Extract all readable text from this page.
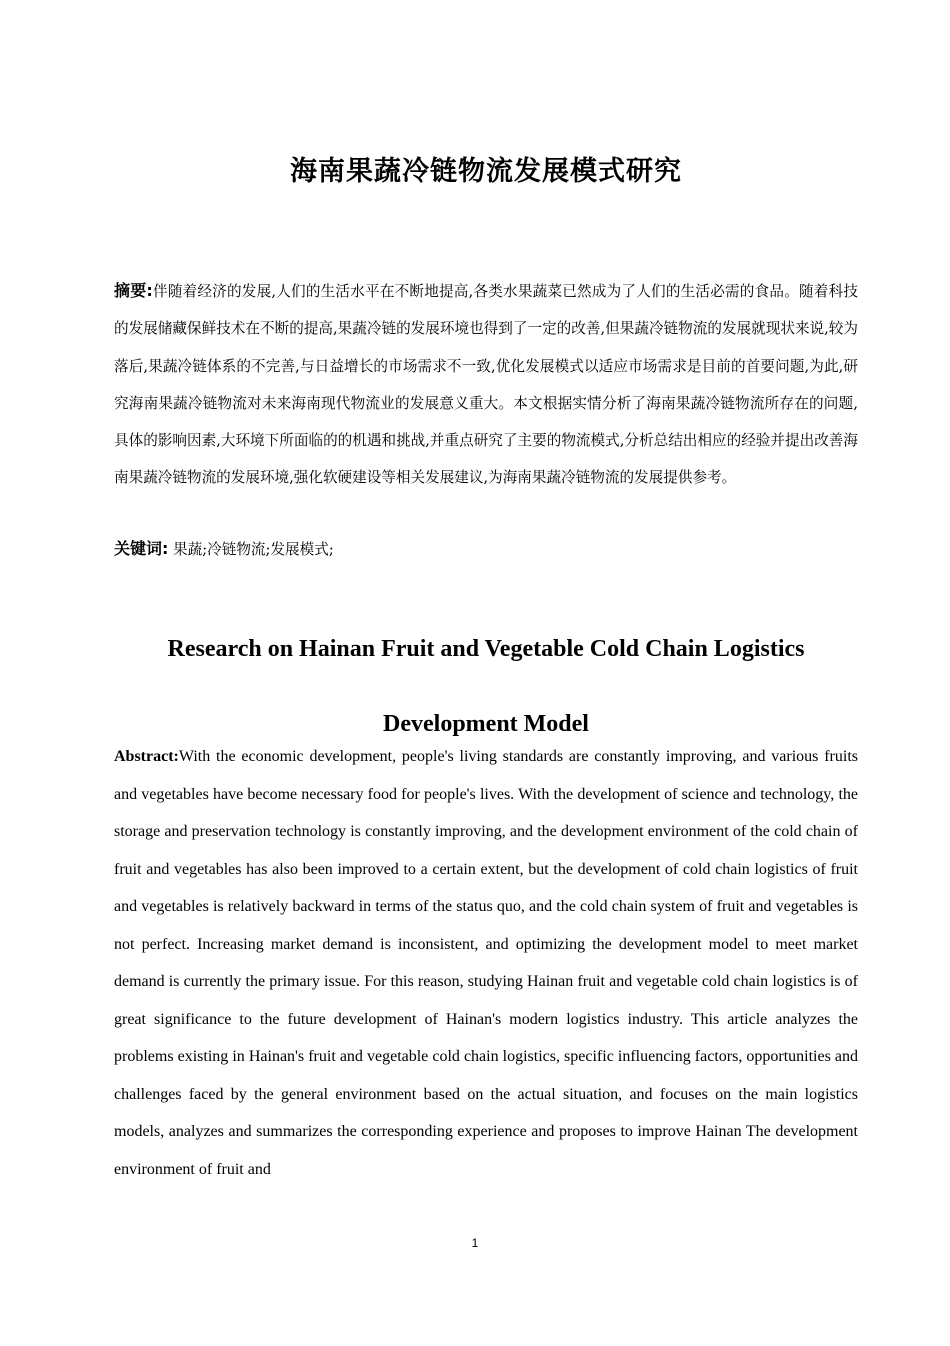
海南果蔬冷链物流发展模式研究

摘要:伴随着经济的发展,人们的生活水平在不断地提高,各类水果蔬菜已然成为了人们的生活必需的食品。随着科技的发展储藏保鲜技术在不断的提高,果蔬冷链的发展环境也得到了一定的改善,但果蔬冷链物流的发展就现状来说,较为落后,果蔬冷链体系的不完善,与日益增长的市场需求不一致,优化发展模式以适应市场需求是目前的首要问题,为此,研究海南果蔬冷链物流对未来海南现代物流业的发展意义重大。本文根据实情分析了海南果蔬冷链物流所存在的问题,具体的影响因素,大环境下所面临的的机遇和挑战,并重点研究了主要的物流模式,分析总结出相应的经验并提出改善海南果蔬冷链物流的发展环境,强化软硬建设等相关发展建议,为海南果蔬冷链物流的发展提供参考。

关键词: 果蔬;冷链物流;发展模式;

Research on Hainan Fruit and Vegetable Cold Chain Logistics Development Model

Abstract:With the economic development, people's living standards are constantly improving, and various fruits and vegetables have become necessary food for people's lives. With the development of science and technology, the storage and preservation technology is constantly improving, and the development environment of the cold chain of fruit and vegetables has also been improved to a certain extent, but the development of cold chain logistics of fruit and vegetables is relatively backward in terms of the status quo, and the cold chain system of fruit and vegetables is not perfect. Increasing market demand is inconsistent, and optimizing the development model to meet market demand is currently the primary issue. For this reason, studying Hainan fruit and vegetable cold chain logistics is of great significance to the future development of Hainan's modern logistics industry. This article analyzes the problems existing in Hainan's fruit and vegetable cold chain logistics, specific influencing factors, opportunities and challenges faced by the general environment based on the actual situation, and focuses on the main logistics models, analyzes and summarizes the corresponding experience and proposes to improve Hainan The development environment of fruit and

1
